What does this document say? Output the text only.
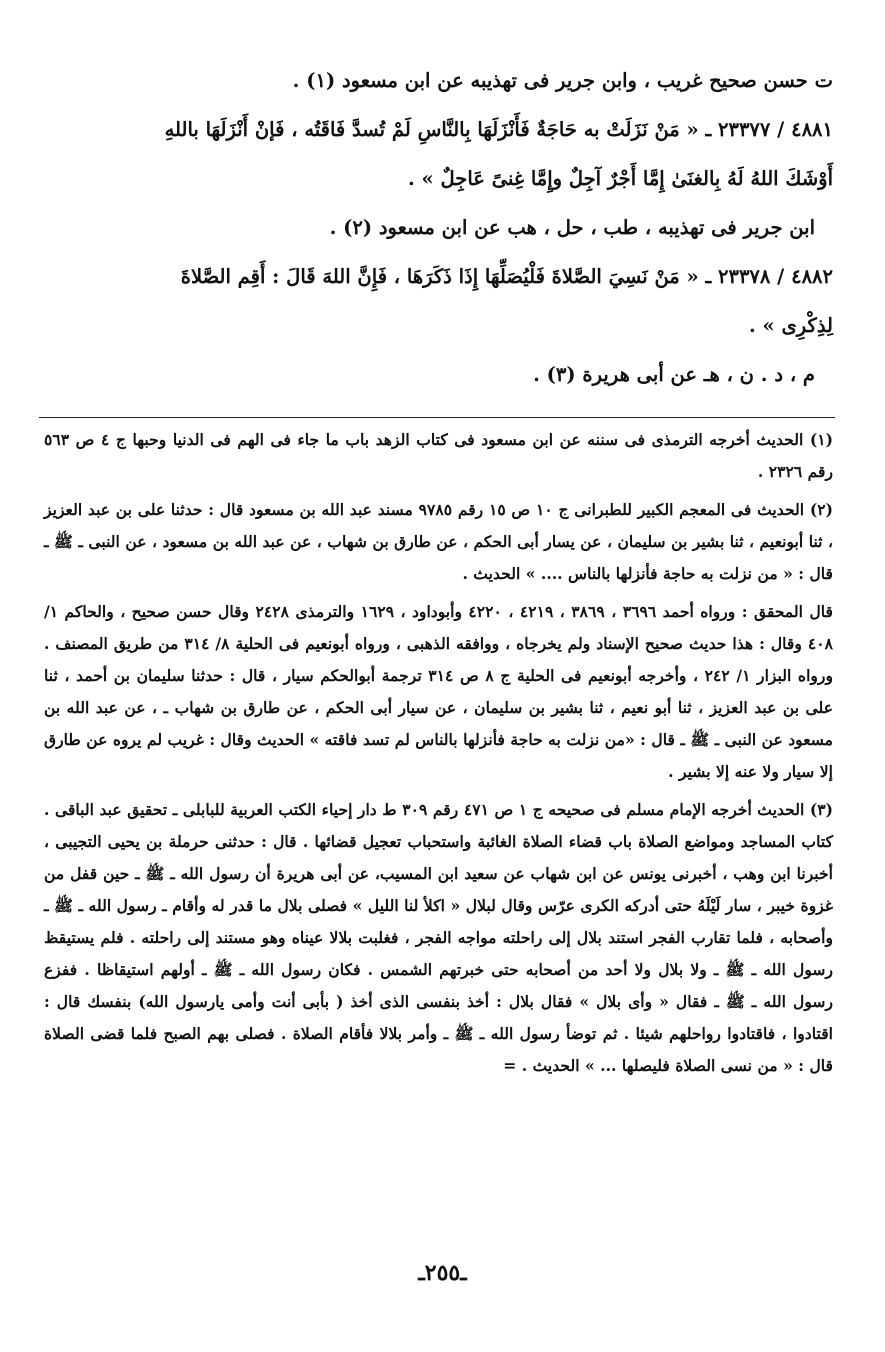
ت حسن صحيح غريب ، وابن جرير فى تهذيبه عن ابن مسعود (١) .
٤٨٨١ / ٢٣٣٧٧ ـ « مَنْ نَزَلَتْ به حَاجَةٌ فَأَنْزَلَهَا بِالنَّاسِ لَمْ تُسدَّ فَاقَتُه ، فَإنْ أَنْزَلَهَا باللهِ
أَوْشَكَ اللهُ لَهُ بِالغنَىٰ إِمَّا أَجْرٌ آجِلٌ وإِمَّا غِنىً عَاجِلٌ » .
ابن جرير فى تهذيبه ، طب ، حل ، هب عن ابن مسعود (٢) .
٤٨٨٢ / ٢٣٣٧٨ ـ « مَنْ نَسِيَ الصَّلاةَ فَلْيُصَلِّهَا إِذَا ذَكَرَهَا ، فَإِنَّ اللهَ قَالَ : أَقِم الصَّلاةَ
لِذِكْرِى » .
م ، د . ن ، هـ عن أبى هريرة (٣) .

(١) الحديث أخرجه الترمذى فى سننه عن ابن مسعود فى كتاب الزهد باب ما جاء فى الهم فى الدنيا وحبها ج ٤ ص ٥٦٣ رقم ٢٣٢٦ .

(٢) الحديث فى المعجم الكبير للطبرانى ج ١٠ ص ١٥ رقم ٩٧٨٥ مسند عبد الله بن مسعود قال : حدثنا على بن عبد العزيز ، ثنا أبونعيم ، ثنا بشير بن سليمان ، عن يسار أبى الحكم ، عن طارق بن شهاب ، عن عبد الله بن مسعود ، عن النبى ـ ﷺ ـ قال : « من نزلت به حاجة فأنزلها بالناس .... » الحديث .

قال المحقق : ورواه أحمد ٣٦٩٦ ، ٣٨٦٩ ، ٤٢١٩ ، ٤٢٢٠ وأبوداود ، ١٦٢٩ والترمذى ٢٤٢٨ وقال حسن صحيح ، والحاكم ١/ ٤٠٨ وقال : هذا حديث صحيح الإسناد ولم يخرجاه ، ووافقه الذهبى ، ورواه أبونعيم فى الحلية ٨/ ٣١٤ من طريق المصنف . ورواه البزار ١/ ٢٤٢ ، وأخرجه أبونعيم فى الحلية ج ٨ ص ٣١٤ ترجمة أبوالحكم سيار ، قال : حدثنا سليمان بن أحمد ، ثنا على بن عبد العزيز ، ثنا أبو نعيم ، ثنا بشير بن سليمان ، عن سيار أبى الحكم ، عن طارق بن شهاب ـ ، عن عبد الله بن مسعود عن النبى ـ ﷺ ـ قال : «من نزلت به حاجة فأنزلها بالناس لم تسد فاقته » الحديث وقال : غريب لم يروه عن طارق إلا سيار ولا عنه إلا بشير .

(٣) الحديث أخرجه الإمام مسلم فى صحيحه ج ١ ص ٤٧١ رقم ٣٠٩ ط دار إحياء الكتب العربية للبابلى ـ تحقيق عبد الباقى . كتاب المساجد ومواضع الصلاة باب قضاء الصلاة الغائبة واستحباب تعجيل قضائها . قال : حدثنى حرملة بن يحيى التجيبى ، أخبرنا ابن وهب ، أخبرنى يونس عن ابن شهاب عن سعيد ابن المسيب، عن أبى هريرة أن رسول الله ـ ﷺ ـ حين قفل من غزوة خيبر ، سار لَيْلَهُ حتى أدركه الكرى عرّس وقال لبلال « اكلأ لنا الليل » فصلى بلال ما قدر له وأقام ـ رسول الله ـ ﷺ ـ وأصحابه ، فلما تقارب الفجر استند بلال إلى راحلته مواجه الفجر ، فغلبت بلالا عيناه وهو مستند إلى راحلته . فلم يستيقظ رسول الله ـ ﷺ ـ ولا بلال ولا أحد من أصحابه حتى خبرتهم الشمس . فكان رسول الله ـ ﷺ ـ أولهم استيقاظا . ففزع رسول الله ـ ﷺ ـ فقال « وأى بلال » فقال بلال : أخذ بنفسى الذى أخذ ( بأبى أنت وأمى يارسول الله) بنفسك قال : اقتادوا ، فاقتادوا رواحلهم شيئا . ثم توضأ رسول الله ـ ﷺ ـ وأمر بلالا فأقام الصلاة . فصلى بهم الصبح فلما قضى الصلاة قال : « من نسى الصلاة فليصلها ... » الحديث . =

ـ٢٥٥ـ
